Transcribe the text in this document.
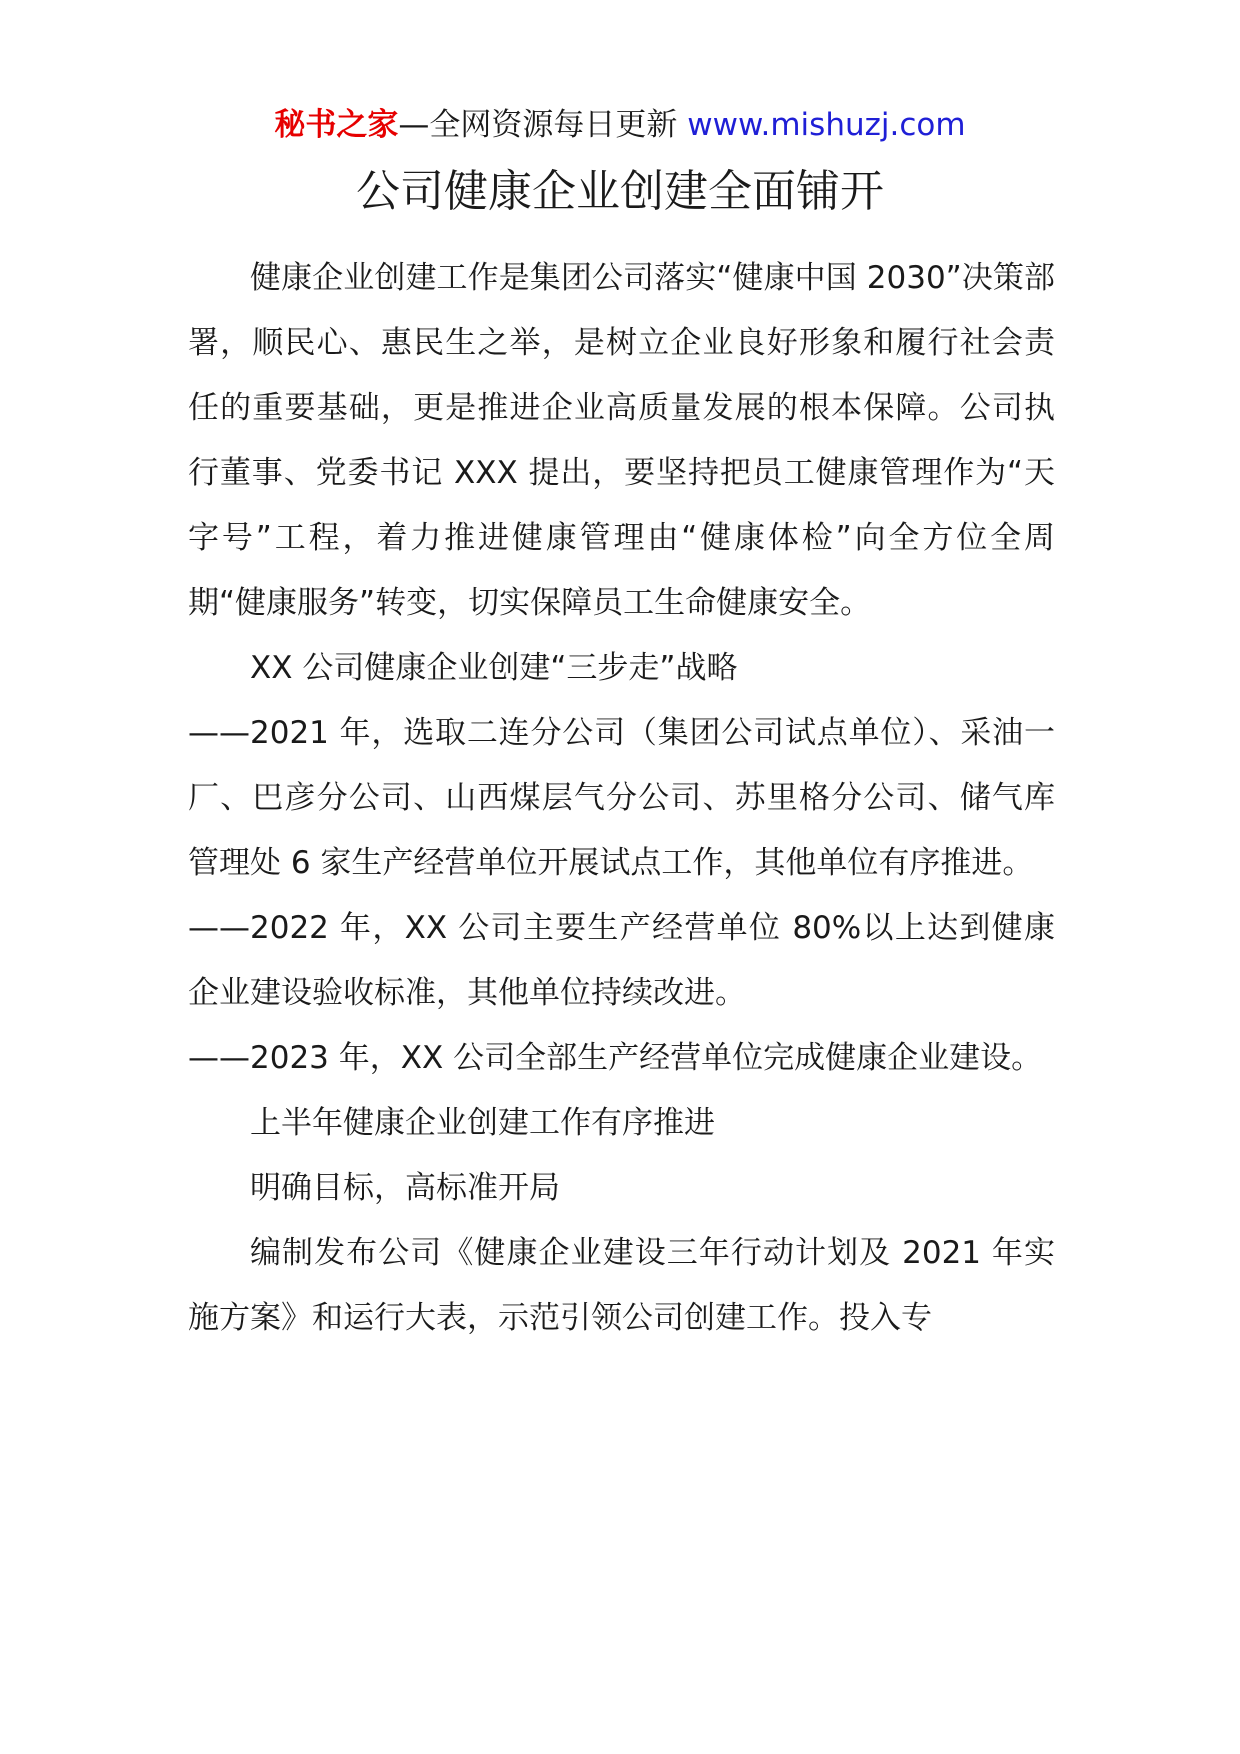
秘书之家—全网资源每日更新 www.mishuzj.com
公司健康企业创建全面铺开

健康企业创建工作是集团公司落实“健康中国 2030”决策部署，顺民心、惠民生之举，是树立企业良好形象和履行社会责任的重要基础，更是推进企业高质量发展的根本保障。公司执行董事、党委书记 XXX 提出，要坚持把员工健康管理作为“天字号”工程，着力推进健康管理由“健康体检”向全方位全周期“健康服务”转变，切实保障员工生命健康安全。

XX 公司健康企业创建“三步走”战略

——2021 年，选取二连分公司（集团公司试点单位）、采油一厂、巴彦分公司、山西煤层气分公司、苏里格分公司、储气库管理处 6 家生产经营单位开展试点工作，其他单位有序推进。

——2022 年，XX 公司主要生产经营单位 80%以上达到健康企业建设验收标准，其他单位持续改进。

——2023 年，XX 公司全部生产经营单位完成健康企业建设。

上半年健康企业创建工作有序推进

明确目标，高标准开局

编制发布公司《健康企业建设三年行动计划及 2021 年实施方案》和运行大表，示范引领公司创建工作。投入专
